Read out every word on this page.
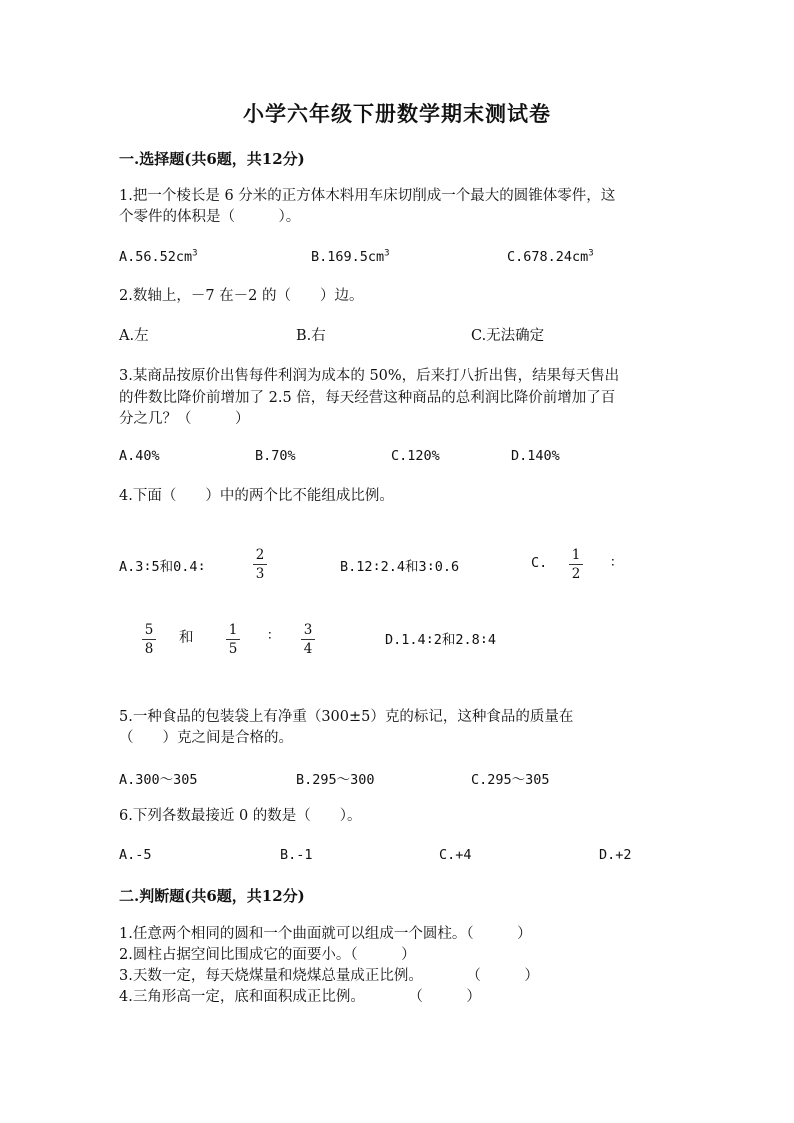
小学六年级下册数学期末测试卷
一.选择题(共6题，共12分)
1.把一个棱长是 6 分米的正方体木料用车床切削成一个最大的圆锥体零件，这
个零件的体积是（　　　）。
$A.56.52cm^3$	$B.169.5cm^3$	$C.678.24cm^3$
2.数轴上，－7 在－2 的（　　）边。
A.左	B.右	C.无法确定
3.某商品按原价出售每件利润为成本的 50%，后来打八折出售，结果每天售出
的件数比降价前增加了 2.5 倍，每天经营这种商品的总利润比降价前增加了百
分之几？（　　　）
A.40%	B.70%	C.120%	D.140%
4.下面（　　）中的两个比不能组成比例。
A.3∶5和0.4∶
2
3	B.12∶2.4和3∶0.6	C. 1
2
∶
5
8
和	1
5
∶ 3
4
D.1.4∶2和2.8∶4
5.一种食品的包装袋上有净重（300±5）克的标记，这种食品的质量在
（　　）克之间是合格的。
A.300～305	B.295～300	C.295～305
6.下列各数最接近 0 的数是（　　）。
A.-5	B.-1	C.+4	D.+2
二.判断题(共6题，共12分)
1.任意两个相同的圆和一个曲面就可以组成一个圆柱。（　　　）
2.圆柱占据空间比围成它的面要小。（　　　）
3.天数一定，每天烧煤量和烧煤总量成正比例。　　　　（　　　）
4.三角形高一定，底和面积成正比例。　　　　（　　　）
